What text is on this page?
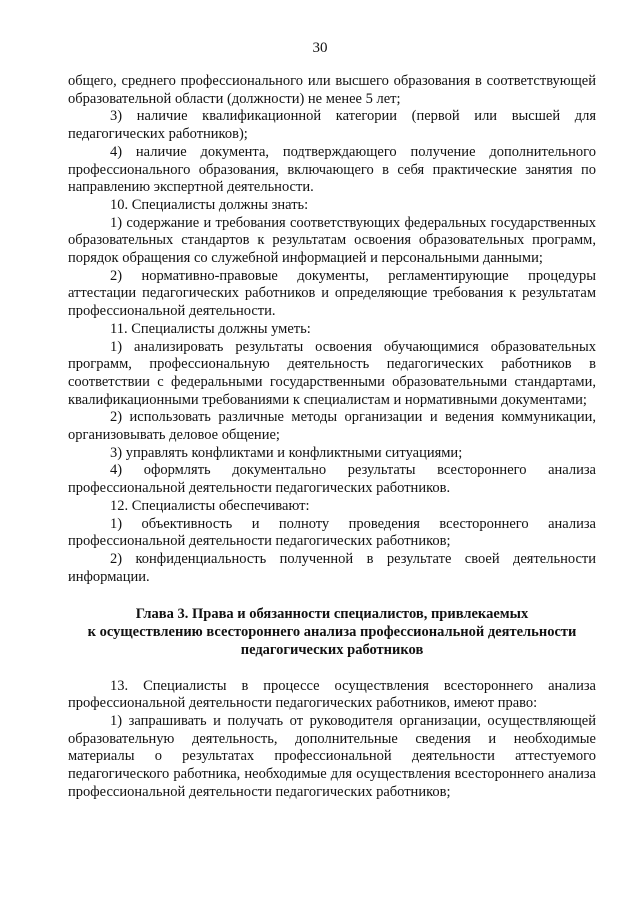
30

общего, среднего профессионального или высшего образования в соответствующей образовательной области (должности) не менее 5 лет;

3) наличие квалификационной категории (первой или высшей для педагогических работников);

4) наличие документа, подтверждающего получение дополнительного профессионального образования, включающего в себя практические занятия по направлению экспертной деятельности.

10. Специалисты должны знать:

1) содержание и требования соответствующих федеральных государственных образовательных стандартов к результатам освоения образовательных программ, порядок обращения со служебной информацией и персональными данными;

2) нормативно-правовые документы, регламентирующие процедуры аттестации педагогических работников и определяющие требования к результатам профессиональной деятельности.

11. Специалисты должны уметь:

1) анализировать результаты освоения обучающимися образовательных программ, профессиональную деятельность педагогических работников в соответствии с федеральными государственными образовательными стандартами, квалификационными требованиями к специалистам и нормативными документами;

2) использовать различные методы организации и ведения коммуникации, организовывать деловое общение;

3) управлять конфликтами и конфликтными ситуациями;

4) оформлять документально результаты всестороннего анализа профессиональной деятельности педагогических работников.

12. Специалисты обеспечивают:

1) объективность и полноту проведения всестороннего анализа профессиональной деятельности педагогических работников;

2) конфиденциальность полученной в результате своей деятельности информации.

Глава 3. Права и обязанности специалистов, привлекаемых
к осуществлению всестороннего анализа профессиональной деятельности
педагогических работников

13. Специалисты в процессе осуществления всестороннего анализа профессиональной деятельности педагогических работников, имеют право:

1) запрашивать и получать от руководителя организации, осуществляющей образовательную деятельность, дополнительные сведения и необходимые материалы о результатах профессиональной деятельности аттестуемого педагогического работника, необходимые для осуществления всестороннего анализа профессиональной деятельности педагогических работников;
